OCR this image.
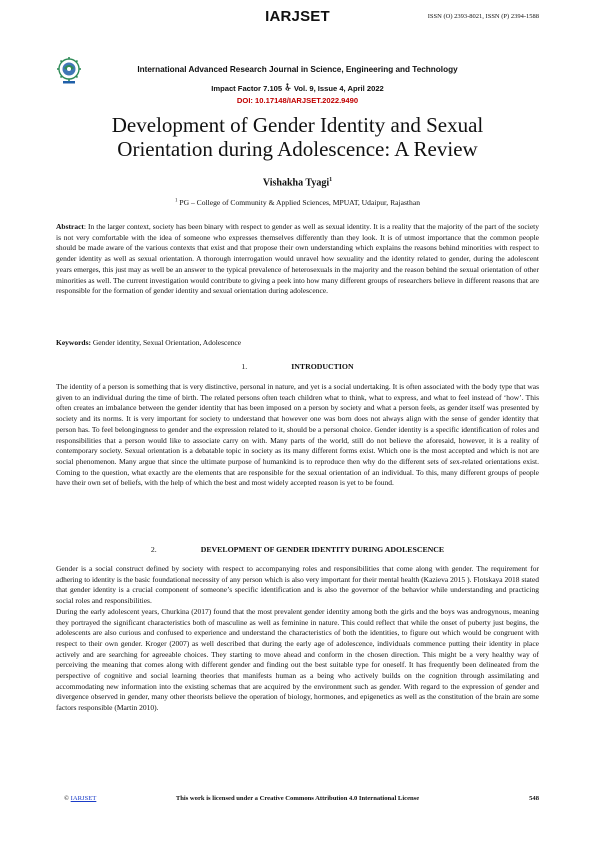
IARJSET	ISSN (O) 2393-8021, ISSN (P) 2394-1588
International Advanced Research Journal in Science, Engineering and Technology
Impact Factor 7.105 ᢤ Vol. 9, Issue 4, April 2022
DOI: 10.17148/IARJSET.2022.9490
Development of Gender Identity and Sexual
Orientation during Adolescence: A Review
Vishakha Tyagi$^1$
$^1$ PG – College of Community & Applied Sciences, MPUAT, Udaipur, Rajasthan

Abstract: In the larger context, society has been binary with respect to gender as well as sexual identity. It is a reality that the majority of the part of the society is not very comfortable with the idea of someone who expresses themselves differently than they look. It is of utmost importance that the common people should be made aware of the various contexts that exist and that propose their own understanding which explains the reasons behind minorities with respect to gender identity as well as sexual orientation. A thorough interrogation would unravel how sexuality and the identity related to gender, during the adolescent years emerges, this just may as well be an answer to the typical prevalence of heterosexuals in the majority and the reason behind the sexual orientation of other minorities as well. The current investigation would contribute to giving a peek into how many different groups of researchers believe in different reasons that are responsible for the formation of gender identity and sexual orientation during adolescence.

Keywords: Gender identity, Sexual Orientation, Adolescence

1.	INTRODUCTION

The identity of a person is something that is very distinctive, personal in nature, and yet is a social undertaking. It is often associated with the body type that was given to an individual during the time of birth. The related persons often teach children what to think, what to express, and what to feel instead of ‘how’. This often creates an imbalance between the gender identity that has been imposed on a person by society and what a person feels, as gender itself was presented by society and its norms. It is very important for society to understand that however one was born does not always align with the sense of gender identity that person has. To feel belongingness to gender and the expression related to it, should be a personal choice. Gender identity is a specific identification of roles and responsibilities that a person would like to associate carry on with. Many parts of the world, still do not believe the aforesaid, however, it is a reality of contemporary society. Sexual orientation is a debatable topic in society as its many different forms exist. Which one is the most accepted and which is not are social phenomenon. Many argue that since the ultimate purpose of humankind is to reproduce then why do the different sets of sex-related orientations exist. Coming to the question, what exactly are the elements that are responsible for the sexual orientation of an individual. To this, many different groups of people have their own set of beliefs, with the help of which the best and most widely accepted reason is yet to be found.

2.	DEVELOPMENT OF GENDER IDENTITY DURING ADOLESCENCE

Gender is a social construct defined by society with respect to accompanying roles and responsibilities that come along with gender. The requirement for adhering to identity is the basic foundational necessity of any person which is also very important for their mental health (Kazieva 2015 ). Flotskaya 2018 stated that gender identity is a crucial component of someone’s specific identification and is also the governor of the behavior while understanding and practicing social roles and responsibilities.

During the early adolescent years, Churkina (2017) found that the most prevalent gender identity among both the girls and the boys was androgynous, meaning they portrayed the significant characteristics both of masculine as well as feminine in nature. This could reflect that while the onset of puberty just begins, the adolescents are also curious and confused to experience and understand the characteristics of both the identities, to figure out which would be congruent with respect to their own gender. Kroger (2007) as well described that during the early age of adolescence, individuals commence putting their identity in place actively and are searching for agreeable choices. They starting to move ahead and conform in the chosen direction. This might be a very healthy way of perceiving the meaning that comes along with different gender and finding out the best suitable type for oneself. It has frequently been delineated from the perspective of cognitive and social learning theories that manifests human as a being who actively builds on the cognition through assimilating and accommodating new information into the existing schemas that are acquired by the environment such as gender. With regard to the expression of gender and divergence observed in gender, many other theorists believe the operation of biology, hormones, and epigenetics as well as the constitution of the brain are some factors responsible (Martin 2010).

© IARJSET	This work is licensed under a Creative Commons Attribution 4.0 International License	548
